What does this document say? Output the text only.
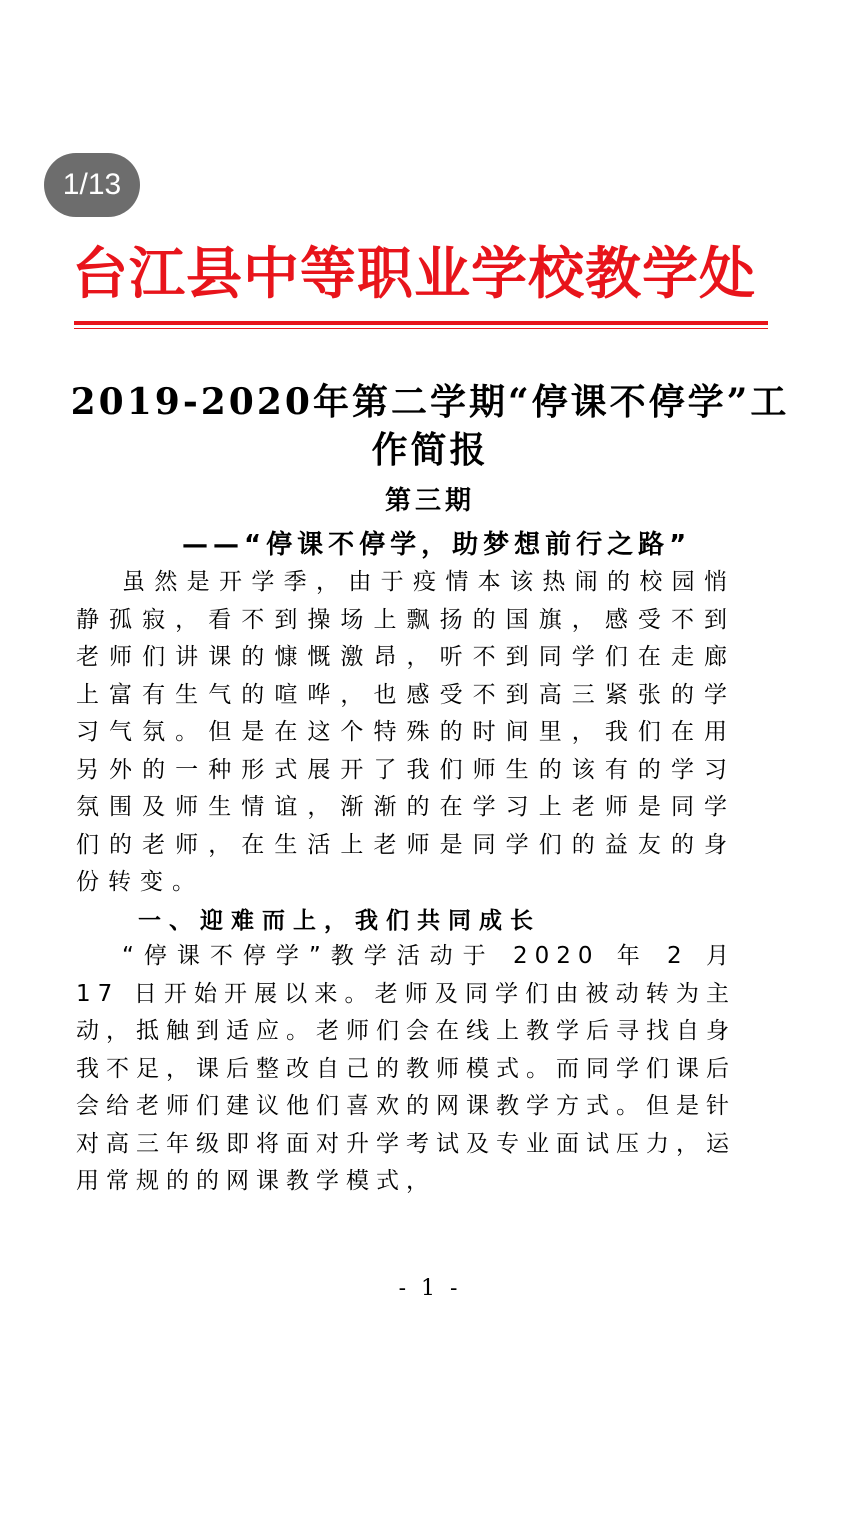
1/13
台江县中等职业学校教学处
2019-2020年第二学期“停课不停学”工作简报
第三期
——“停课不停学，助梦想前行之路”

虽然是开学季，由于疫情本该热闹的校园悄静孤寂，看不到操场上飘扬的国旗，感受不到老师们讲课的慷慨激昂，听不到同学们在走廊上富有生气的喧哗，也感受不到高三紧张的学习气氛。但是在这个特殊的时间里，我们在用另外的一种形式展开了我们师生的该有的学习氛围及师生情谊，渐渐的在学习上老师是同学们的老师，在生活上老师是同学们的益友的身份转变。

一、迎难而上，我们共同成长

“停课不停学”教学活动于 2020 年 2 月 17 日开始开展以来。老师及同学们由被动转为主动，抵触到适应。老师们会在线上教学后寻找自身我不足，课后整改自己的教师模式。而同学们课后会给老师们建议他们喜欢的网课教学方式。但是针对高三年级即将面对升学考试及专业面试压力，运用常规的的网课教学模式，

- 1 -
